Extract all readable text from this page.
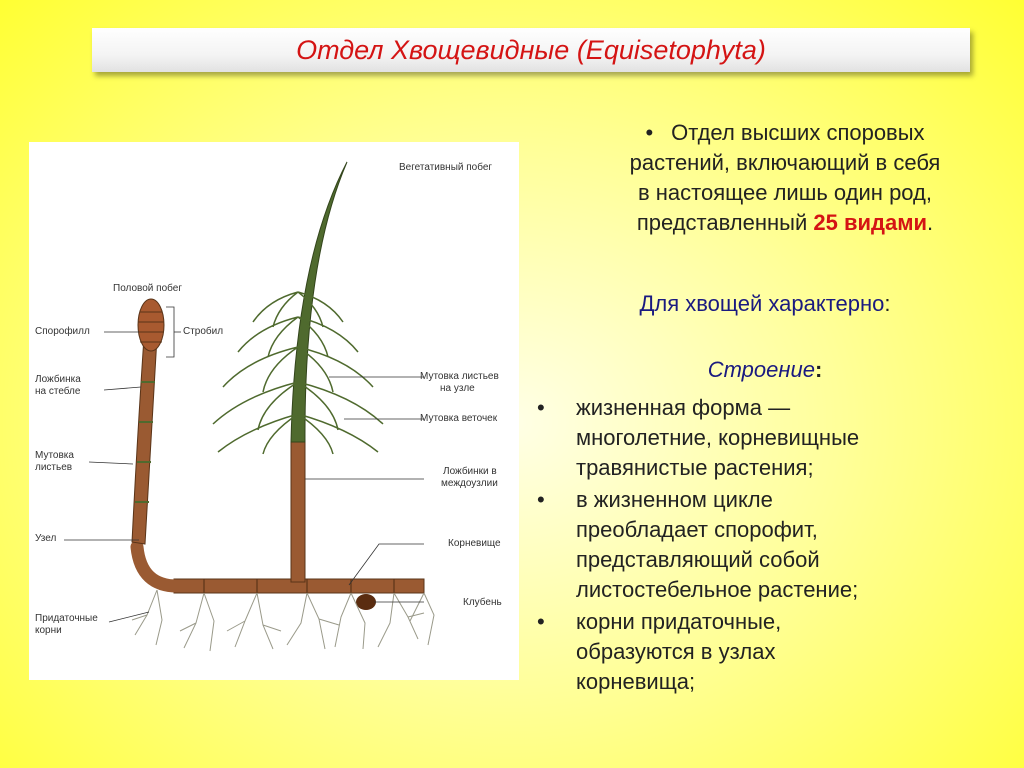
Отдел Хвощевидные (Equisetophyta)
Вегетативный побег
Половой побег
Спорофилл	Стробил
Ложбинка
на стебле
Мутовка
листьев
Узел
Придаточные
корни
Мутовка листьев
на узле
Мутовка веточек
Ложбинки в
междоузлии
Корневище
Клубень
• Отдел высших споровых
растений, включающий в себя
в настоящее лишь один род,
представленный 25 видами.
Для хвощей характерно:
Строение:
• жизненная форма —
многолетние, корневищные
травянистые растения;
• в жизненном цикле
преобладает спорофит,
представляющий собой
листостебельное растение;
• корни придаточные,
образуются в узлах
корневища;
